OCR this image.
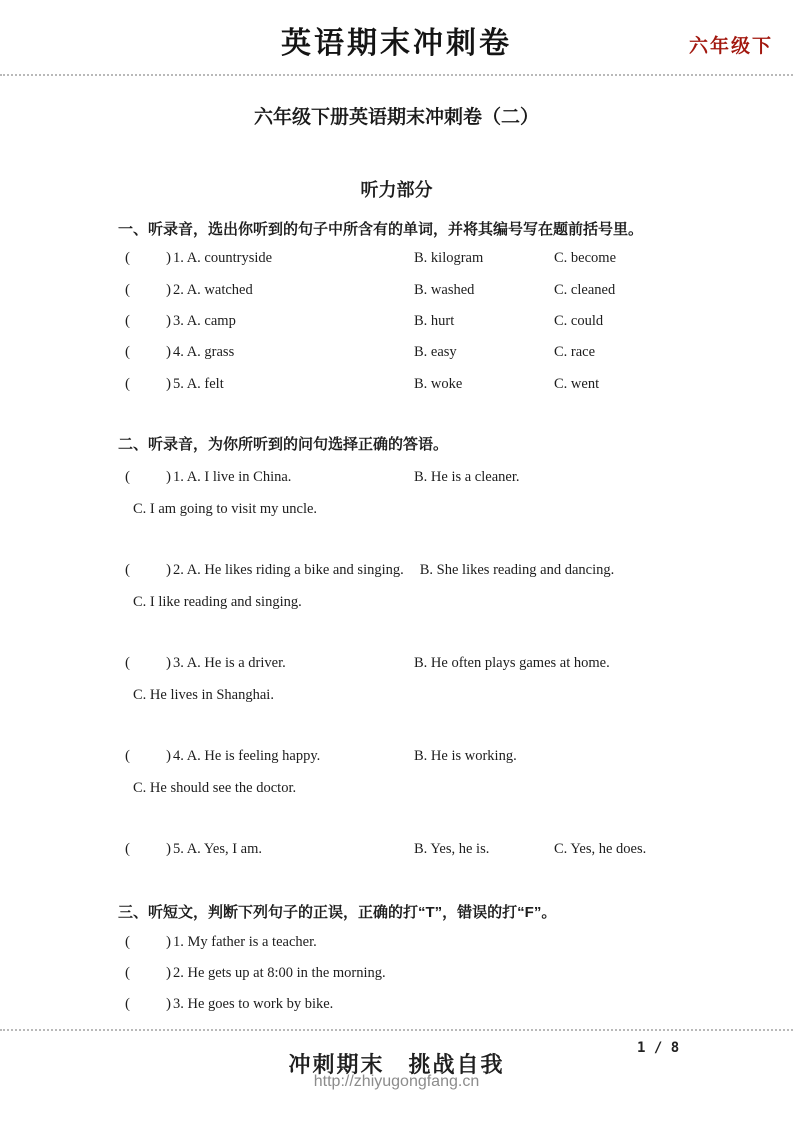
英语期末冲刺卷	六年级下
六年级下册英语期末冲刺卷（二）
听力部分
一、听录音，选出你听到的句子中所含有的单词，并将其编号写在题前括号里。
( ) 1. A. countryside	B. kilogram	C. become
( ) 2. A. watched	B. washed	C. cleaned
( ) 3. A. camp	B. hurt	C. could
( ) 4. A. grass	B. easy	C. race
( ) 5. A. felt	B. woke	C. went
二、听录音，为你所听到的问句选择正确的答语。
( ) 1. A. I live in China.	B. He is a cleaner.
C. I am going to visit my uncle.
( ) 2. A. He likes riding a bike and singing. B. She likes reading and dancing.
C. I like reading and singing.
( ) 3. A. He is a driver.	B. He often plays games at home.
C. He lives in Shanghai.
( ) 4. A. He is feeling happy.	B. He is working.
C. He should see the doctor.
( ) 5. A. Yes, I am.	B. Yes, he is.	C. Yes, he does.
三、听短文，判断下列句子的正误，正确的打“T”，错误的打“F”。
( ) 1. My father is a teacher.
( ) 2. He gets up at 8:00 in the morning.
( ) 3. He goes to work by bike.
1 / 8
冲刺期末　挑战自我
http://zhiyugongfang.cn
